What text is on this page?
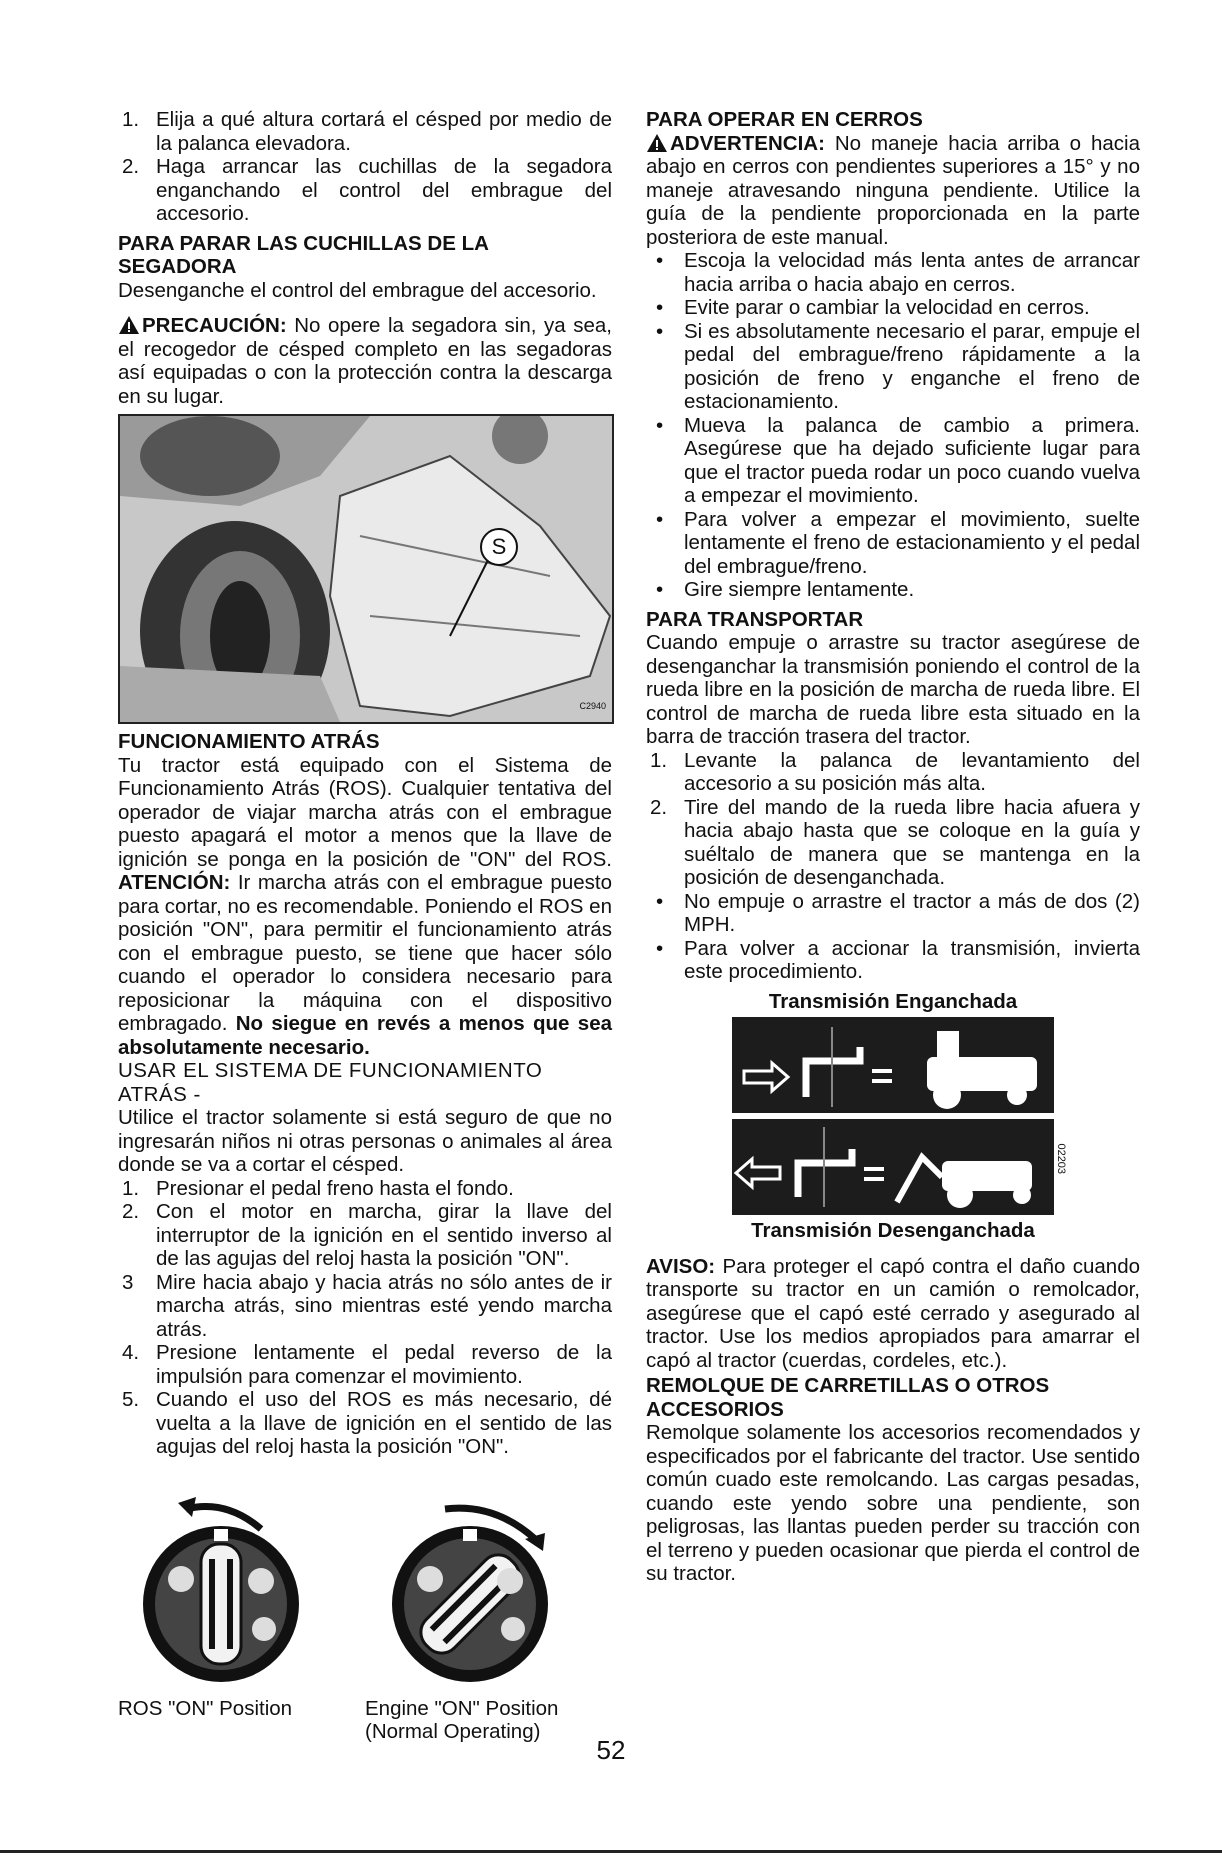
1. Elija a qué altura cortará el césped por medio de la palanca elevadora.
2. Haga arrancar las cuchillas de la segadora enganchando el control del embrague del accesorio.
PARA PARAR LAS CUCHILLAS DE LA SEGADORA

Desenganche el control del embrague del accesorio.

PRECAUCIÓN: No opere la segadora sin, ya sea, el recogedor de césped completo en las segadoras así equipadas o con la protección contra la descarga en su lugar.

S
C2940
FUNCIONAMIENTO ATRÁS

Tu tractor está equipado con el Sistema de Funcionamiento Atrás (ROS). Cualquier tentativa del operador de viajar marcha atrás con el embrague puesto apagará el motor a menos que la llave de ignición se ponga en la posición de "ON" del ROS. ATENCIÓN: Ir marcha atrás con el embrague puesto para cortar, no es recomendable. Poniendo el ROS en posición "ON", para permitir el funcionamiento atrás con el embrague puesto, se tiene que hacer sólo cuando el operador lo considera necesario para reposicionar la máquina con el dispositivo embragado. No siegue en revés a menos que sea absolutamente necesario.

USAR EL SISTEMA DE FUNCIONAMIENTO ATRÁS -

Utilice el tractor solamente si está seguro de que no ingresarán niños ni otras personas o animales al área donde se va a cortar el césped.

1. Presionar el pedal freno hasta el fondo.
2. Con el motor en marcha, girar la llave del interruptor de la ignición en el sentido inverso al de las agujas del reloj hasta la posición "ON".
3 Mire hacia abajo y hacia atrás no sólo antes de ir marcha atrás, sino mientras esté yendo marcha atrás.
4. Presione lentamente el pedal reverso de la impulsión para comenzar el movimiento.
5. Cuando el uso del ROS es más necesario, dé vuelta a la llave de ignición en el sentido de las agujas del reloj hasta la posición "ON".
ROS "ON" Position	Engine "ON" Position
(Normal Operating)
PARA OPERAR EN CERROS

ADVERTENCIA: No maneje hacia arriba o hacia abajo en cerros con pendientes superiores a 15° y no maneje atravesando ninguna pendiente. Utilice la guía de la pendiente proporcionada en la parte posteriora de este manual.

• Escoja la velocidad más lenta antes de arrancar hacia arriba o hacia abajo en cerros.
• Evite parar o cambiar la velocidad en cerros.
• Si es absolutamente necesario el parar, empuje el pedal del embrague/freno rápidamente a la posición de freno y enganche el freno de estacionamiento.
• Mueva la palanca de cambio a primera. Asegúrese que ha dejado suficiente lugar para que el tractor pueda rodar un poco cuando vuelva a empezar el movimiento.
• Para volver a empezar el movimiento, suelte lentamente el freno de estacionamiento y el pedal del embrague/freno.
• Gire siempre lentamente.
PARA TRANSPORTAR

Cuando empuje o arrastre su tractor asegúrese de desenganchar la transmisión poniendo el control de la rueda libre en la posición de marcha de rueda libre. El control de marcha de rueda libre esta situado en la barra de tracción trasera del tractor.

1. Levante la palanca de levantamiento del accesorio a su posición más alta.
2. Tire del mando de la rueda libre hacia afuera y hacia abajo hasta que se coloque en la guía y suéltalo de manera que se mantenga en la posición de desenganchada.
• No empuje o arrastre el tractor a más de dos (2) MPH.
• Para volver a accionar la transmisión, invierta este procedimiento.
Transmisión Enganchada
02203
Transmisión Desenganchada

AVISO: Para proteger el capó contra el daño cuando transporte su tractor en un camión o remolcador, asegúrese que el capó esté cerrado y asegurado al tractor. Use los medios apropiados para amarrar el capó al tractor (cuerdas, cordeles, etc.).

REMOLQUE DE CARRETILLAS O OTROS ACCESORIOS

Remolque solamente los accesorios recomendados y especificados por el fabricante del tractor. Use sentido común cuado este remolcando. Las cargas pesadas, cuando este yendo sobre una pendiente, son peligrosas, las llantas pueden perder su tracción con el terreno y pueden ocasionar que pierda el control de su tractor.

52
